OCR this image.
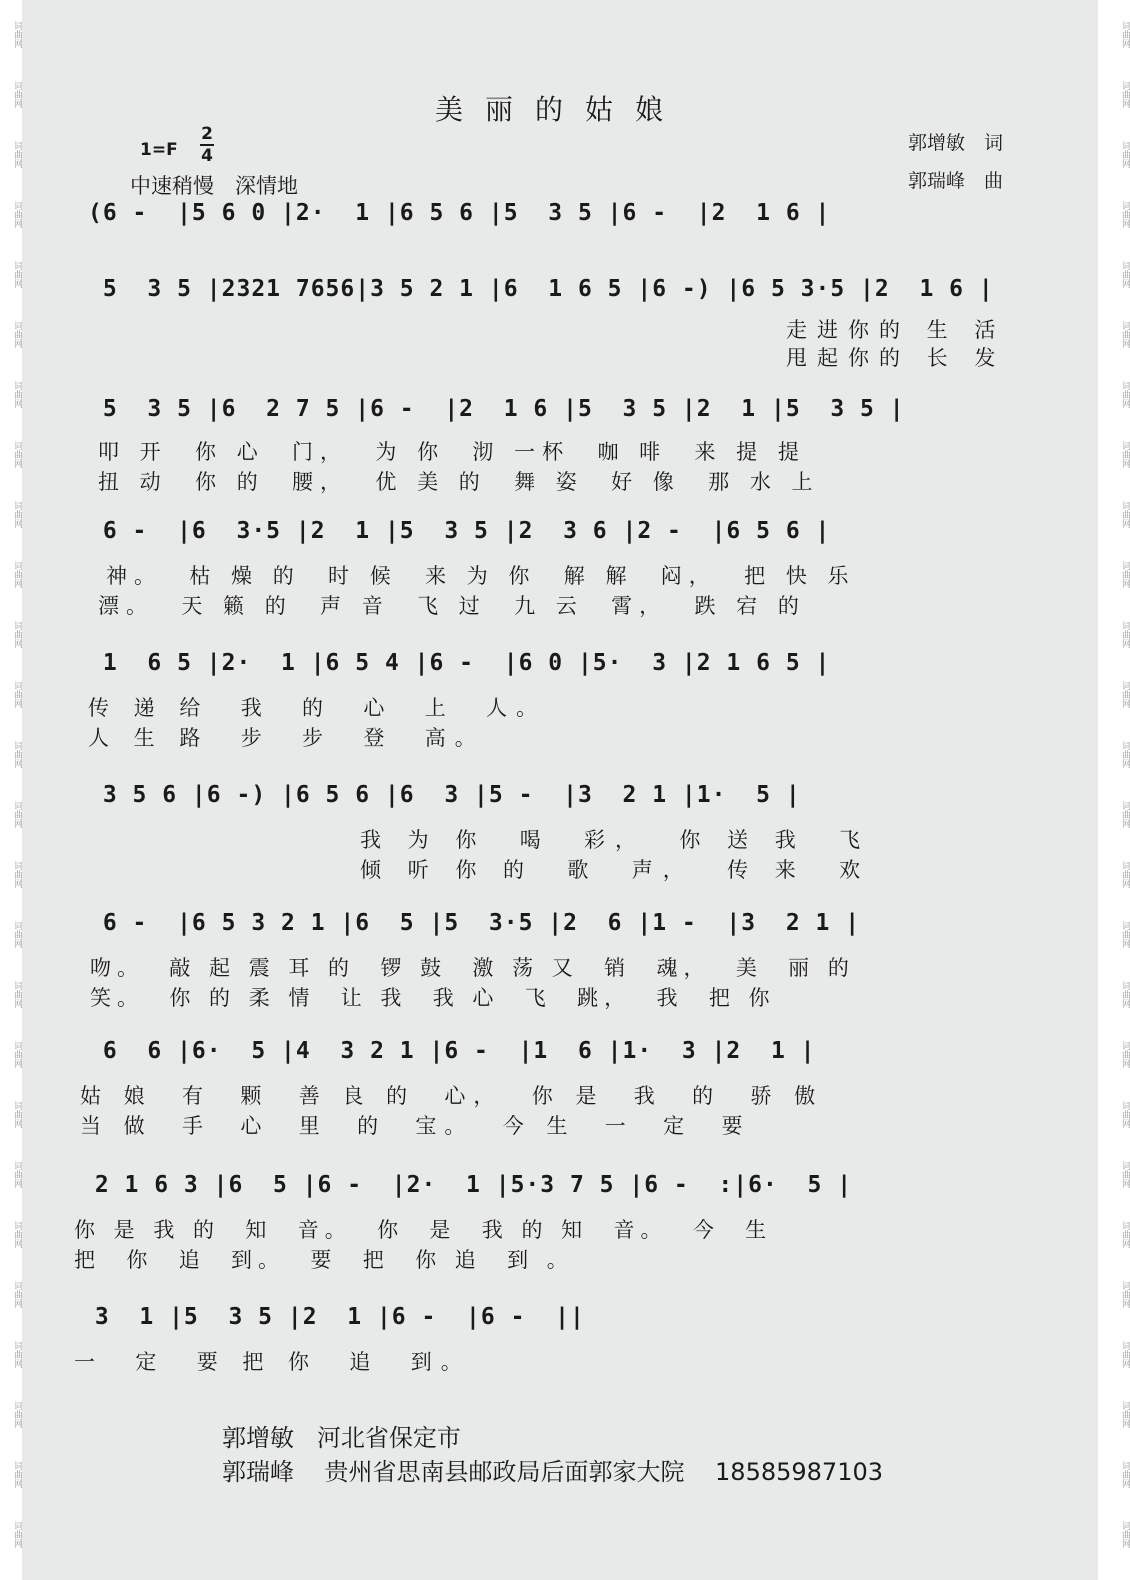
词曲网
词曲网
词曲网
词曲网
词曲网
词曲网
词曲网
词曲网
词曲网
词曲网
词曲网
词曲网
词曲网
词曲网
词曲网
词曲网
词曲网
词曲网
词曲网
词曲网
词曲网
词曲网
词曲网
词曲网
词曲网
词曲网
词曲网
词曲网
词曲网
词曲网
词曲网
词曲网
词曲网
词曲网
词曲网
词曲网
词曲网
词曲网
词曲网
词曲网
词曲网
词曲网
词曲网
词曲网
词曲网
词曲网
词曲网
词曲网
词曲网
词曲网
词曲网
词曲网
美丽的姑娘
1=F
2
4
中速稍慢　深情地
郭增敏　词
郭瑞峰　曲
(6 -  |5 6 0 |2·  1 |6 5 6 |5  3 5 |6 -  |2  1 6 |
5  3 5 |2321 7656|3 5 2 1 |6  1 6 5 |6 -) |6 5 3·5 |2  1 6 |
走进你的 生 活
甩起你的 长 发
5  3 5 |6  2 7 5 |6 -  |2  1 6 |5  3 5 |2  1 |5  3 5 |
叩 开  你 心  门，  为 你  沏 一杯  咖 啡  来 提 提
扭 动  你 的  腰，  优 美 的  舞 姿  好 像  那 水 上
6 -  |6  3·5 |2  1 |5  3 5 |2  3 6 |2 -  |6 5 6 |
神。  枯 燥 的  时 候  来 为 你  解 解  闷，  把 快 乐
漂。  天 籁 的  声 音  飞 过  九 云  霄，  跌 宕 的
1  6 5 |2·  1 |6 5 4 |6 -  |6 0 |5·  3 |2 1 6 5 |
传 递 给  我  的  心  上  人。
人 生 路  步  步  登  高。
3 5 6 |6 -) |6 5 6 |6  3 |5 -  |3  2 1 |1·  5 |
我 为 你  喝  彩，  你 送 我  飞
倾 听 你 的  歌  声，  传 来  欢
6 -  |6 5 3 2 1 |6  5 |5  3·5 |2  6 |1 -  |3  2 1 |
吻。  敲 起 震 耳 的  锣 鼓  激 荡 又  销  魂，  美  丽 的
笑。  你 的 柔 情  让 我  我 心  飞  跳，  我  把 你
6  6 |6·  5 |4  3 2 1 |6 -  |1  6 |1·  3 |2  1 |
姑 娘  有  颗  善 良 的  心，  你 是  我  的  骄 傲
当 做  手  心  里  的  宝。  今 生  一  定  要
2 1 6 3 |6  5 |6 -  |2·  1 |5·3 7 5 |6 -  :|6·  5 |
你 是 我 的  知  音。  你  是  我 的 知  音。  今  生
把  你  追  到。  要  把  你 追  到 。
3  1 |5  3 5 |2  1 |6 -  |6 -  ||
一  定  要 把 你  追  到。
郭增敏 河北省保定市
郭瑞峰 贵州省思南县邮政局后面郭家大院 18585987103
